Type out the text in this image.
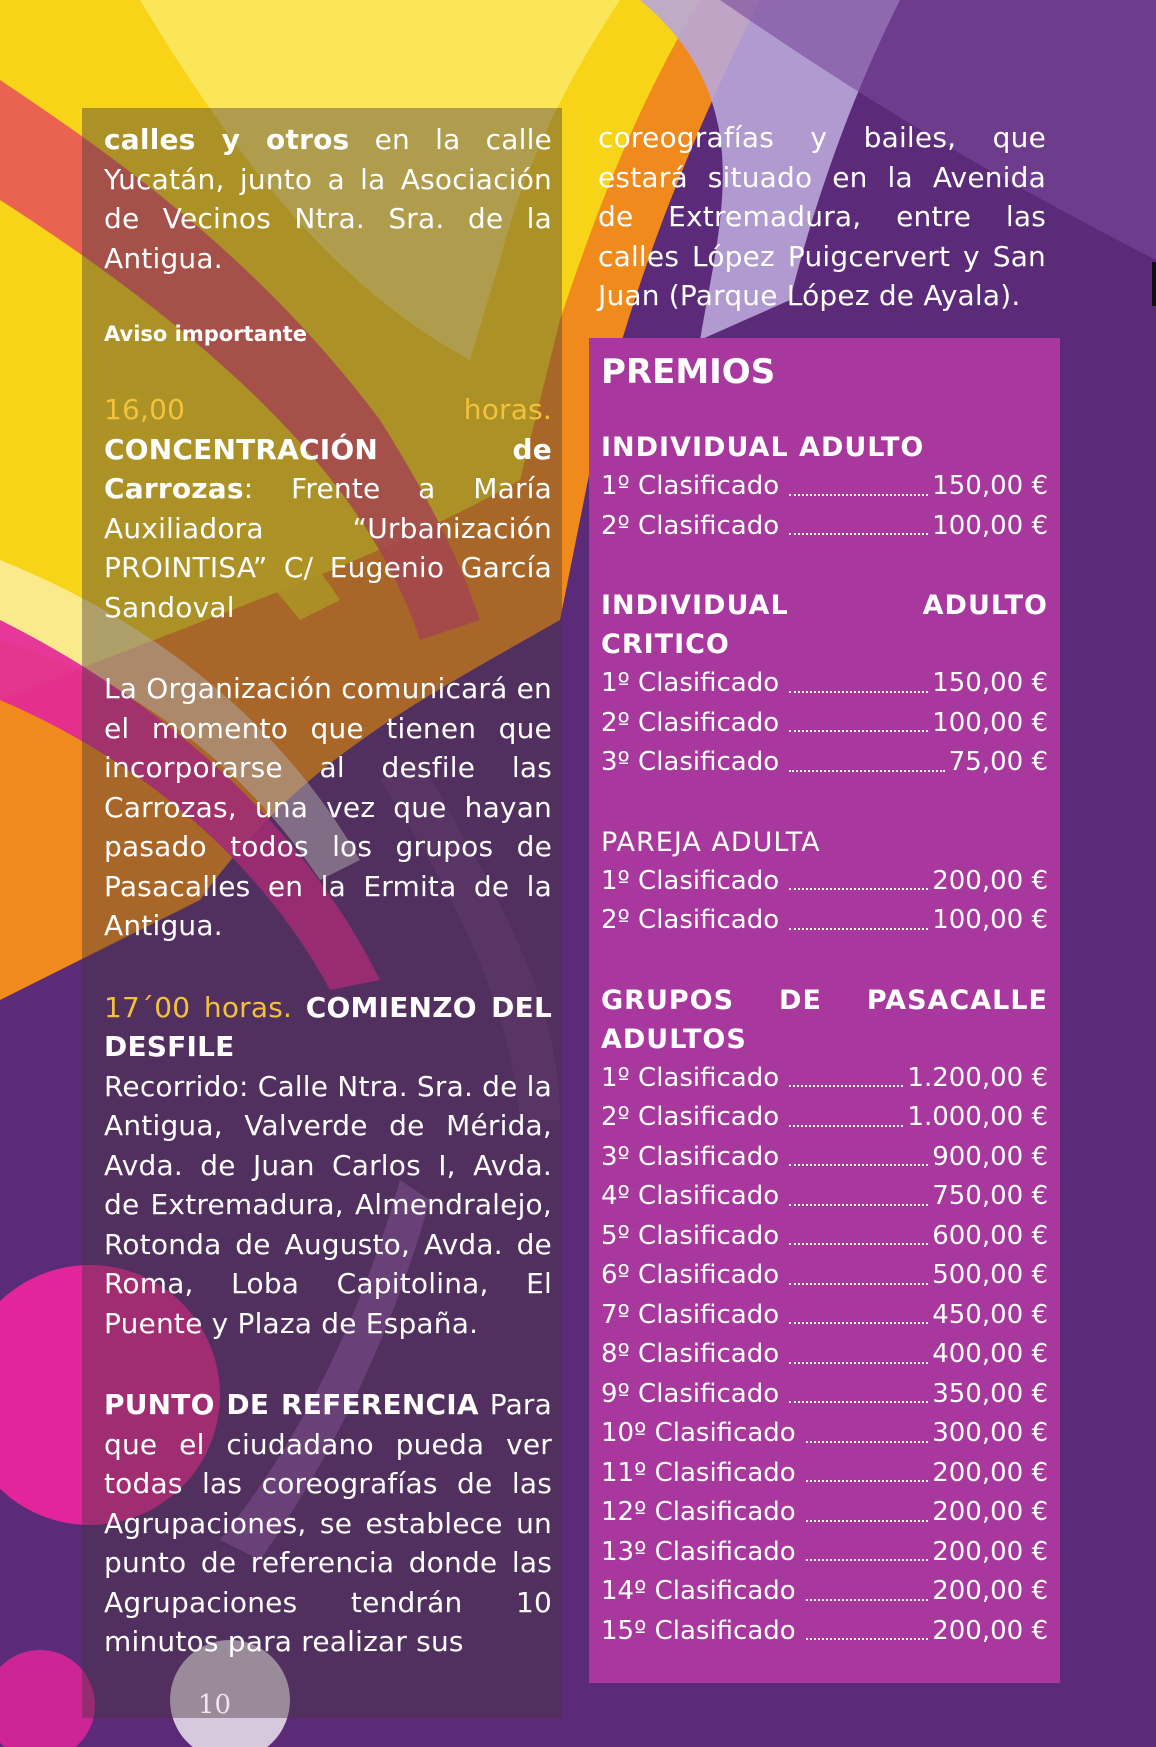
calles y otros en la calle Yucatán, junto a la Asociación de Vecinos Ntra. Sra. de la Antigua.

Aviso importante

16,00 horas. CONCENTRACIÓN de Carrozas: Frente a María Auxiliadora “Urbanización PROINTISA” C/ Eugenio García Sandoval

La Organización comunicará en el momento que tienen que incorporarse al desfile las Carrozas, una vez que hayan pasado todos los grupos de Pasacalles en la Ermita de la Antigua.

17´00 horas. COMIENZO DEL DESFILE

Recorrido: Calle Ntra. Sra. de la Antigua, Valverde de Mérida, Avda. de Juan Carlos I, Avda. de Extremadura, Almendralejo, Rotonda de Augusto, Avda. de Roma, Loba Capitolina, El Puente y Plaza de España.

PUNTO DE REFERENCIA Para que el ciudadano pueda ver todas las coreografías de las Agrupaciones, se establece un punto de referencia donde las Agrupaciones tendrán 10 minutos para realizar sus

coreografías y bailes, que estará situado en la Avenida de Extremadura, entre las calles López Puigcervert y San Juan (Parque López de Ayala).

PREMIOS

INDIVIDUAL ADULTO

1º Clasificado	150,00 €
2º Clasificado	100,00 €

INDIVIDUAL ADULTO CRITICO

1º Clasificado	150,00 €
2º Clasificado	100,00 €
3º Clasificado	75,00 €

PAREJA ADULTA

1º Clasificado	200,00 €
2º Clasificado	100,00 €

GRUPOS DE PASACALLE ADULTOS

1º Clasificado	1.200,00 €
2º Clasificado	1.000,00 €
3º Clasificado	900,00 €
4º Clasificado	750,00 €
5º Clasificado	600,00 €
6º Clasificado	500,00 €
7º Clasificado	450,00 €
8º Clasificado	400,00 €
9º Clasificado	350,00 €
10º Clasificado	300,00 €
11º Clasificado	200,00 €
12º Clasificado	200,00 €
13º Clasificado	200,00 €
14º Clasificado	200,00 €
15º Clasificado	200,00 €
10
